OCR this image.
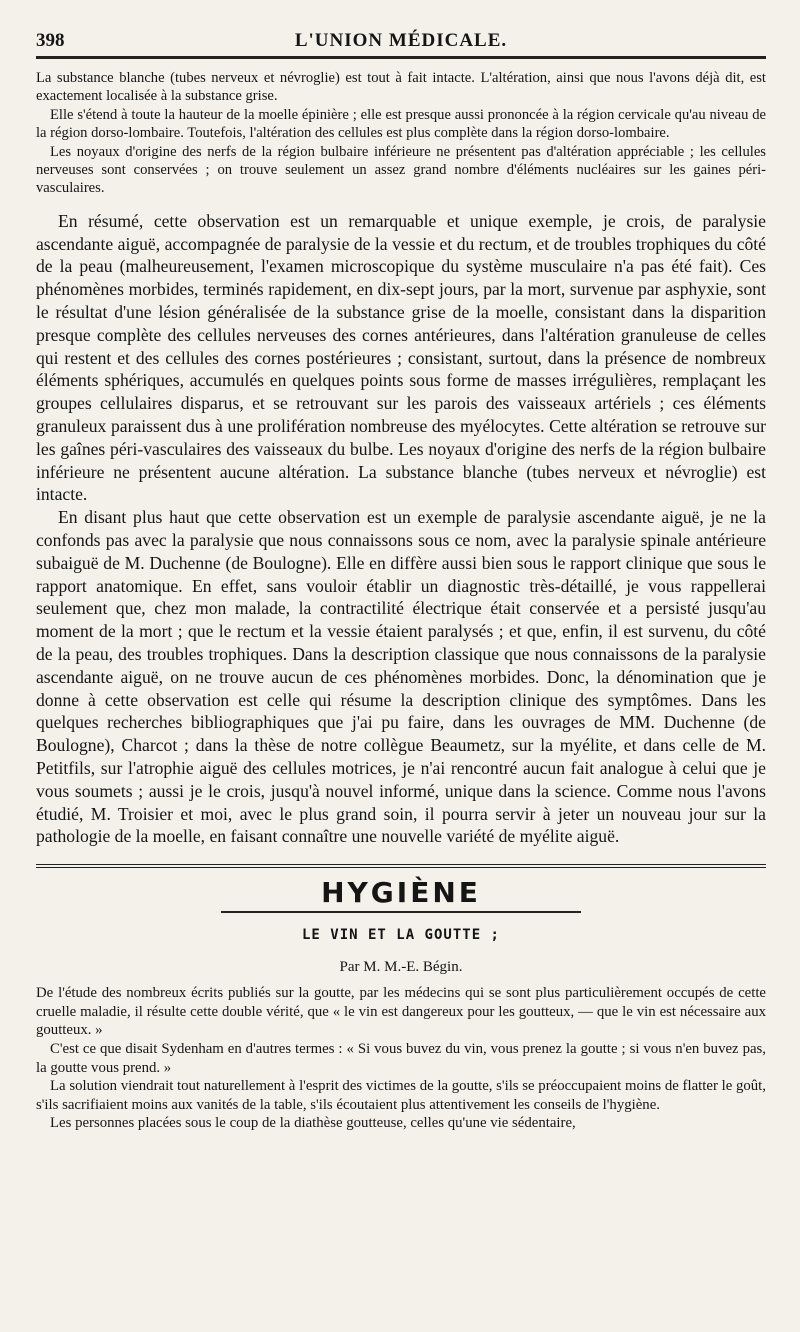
398	L'UNION MÉDICALE.

La substance blanche (tubes nerveux et névroglie) est tout à fait intacte. L'altération, ainsi que nous l'avons déjà dit, est exactement localisée à la substance grise.

Elle s'étend à toute la hauteur de la moelle épinière ; elle est presque aussi prononcée à la région cervicale qu'au niveau de la région dorso-lombaire. Toutefois, l'altération des cellules est plus complète dans la région dorso-lombaire.

Les noyaux d'origine des nerfs de la région bulbaire inférieure ne présentent pas d'altération appréciable ; les cellules nerveuses sont conservées ; on trouve seulement un assez grand nombre d'éléments nucléaires sur les gaines péri-vasculaires.

En résumé, cette observation est un remarquable et unique exemple, je crois, de paralysie ascendante aiguë, accompagnée de paralysie de la vessie et du rectum, et de troubles trophiques du côté de la peau (malheureusement, l'examen microscopique du système musculaire n'a pas été fait). Ces phénomènes morbides, terminés rapidement, en dix-sept jours, par la mort, survenue par asphyxie, sont le résultat d'une lésion généralisée de la substance grise de la moelle, consistant dans la disparition presque complète des cellules nerveuses des cornes antérieures, dans l'altération granuleuse de celles qui restent et des cellules des cornes postérieures ; consistant, surtout, dans la présence de nombreux éléments sphériques, accumulés en quelques points sous forme de masses irrégulières, remplaçant les groupes cellulaires disparus, et se retrouvant sur les parois des vaisseaux artériels ; ces éléments granuleux paraissent dus à une prolifération nombreuse des myélocytes. Cette altération se retrouve sur les gaînes péri-vasculaires des vaisseaux du bulbe. Les noyaux d'origine des nerfs de la région bulbaire inférieure ne présentent aucune altération. La substance blanche (tubes nerveux et névroglie) est intacte.

En disant plus haut que cette observation est un exemple de paralysie ascendante aiguë, je ne la confonds pas avec la paralysie que nous connaissons sous ce nom, avec la paralysie spinale antérieure subaiguë de M. Duchenne (de Boulogne). Elle en diffère aussi bien sous le rapport clinique que sous le rapport anatomique. En effet, sans vouloir établir un diagnostic très-détaillé, je vous rappellerai seulement que, chez mon malade, la contractilité électrique était conservée et a persisté jusqu'au moment de la mort ; que le rectum et la vessie étaient paralysés ; et que, enfin, il est survenu, du côté de la peau, des troubles trophiques. Dans la description classique que nous connaissons de la paralysie ascendante aiguë, on ne trouve aucun de ces phénomènes morbides. Donc, la dénomination que je donne à cette observation est celle qui résume la description clinique des symptômes. Dans les quelques recherches bibliographiques que j'ai pu faire, dans les ouvrages de MM. Duchenne (de Boulogne), Charcot ; dans la thèse de notre collègue Beaumetz, sur la myélite, et dans celle de M. Petitfils, sur l'atrophie aiguë des cellules motrices, je n'ai rencontré aucun fait analogue à celui que je vous soumets ; aussi je le crois, jusqu'à nouvel informé, unique dans la science. Comme nous l'avons étudié, M. Troisier et moi, avec le plus grand soin, il pourra servir à jeter un nouveau jour sur la pathologie de la moelle, en faisant connaître une nouvelle variété de myélite aiguë.

HYGIÈNE
LE VIN ET LA GOUTTE ;
Par M. M.-E. Bégin.

De l'étude des nombreux écrits publiés sur la goutte, par les médecins qui se sont plus particulièrement occupés de cette cruelle maladie, il résulte cette double vérité, que « le vin est dangereux pour les goutteux, — que le vin est nécessaire aux goutteux. »

C'est ce que disait Sydenham en d'autres termes : « Si vous buvez du vin, vous prenez la goutte ; si vous n'en buvez pas, la goutte vous prend. »

La solution viendrait tout naturellement à l'esprit des victimes de la goutte, s'ils se préoccupaient moins de flatter le goût, s'ils sacrifiaient moins aux vanités de la table, s'ils écoutaient plus attentivement les conseils de l'hygiène.

Les personnes placées sous le coup de la diathèse goutteuse, celles qu'une vie sédentaire,
